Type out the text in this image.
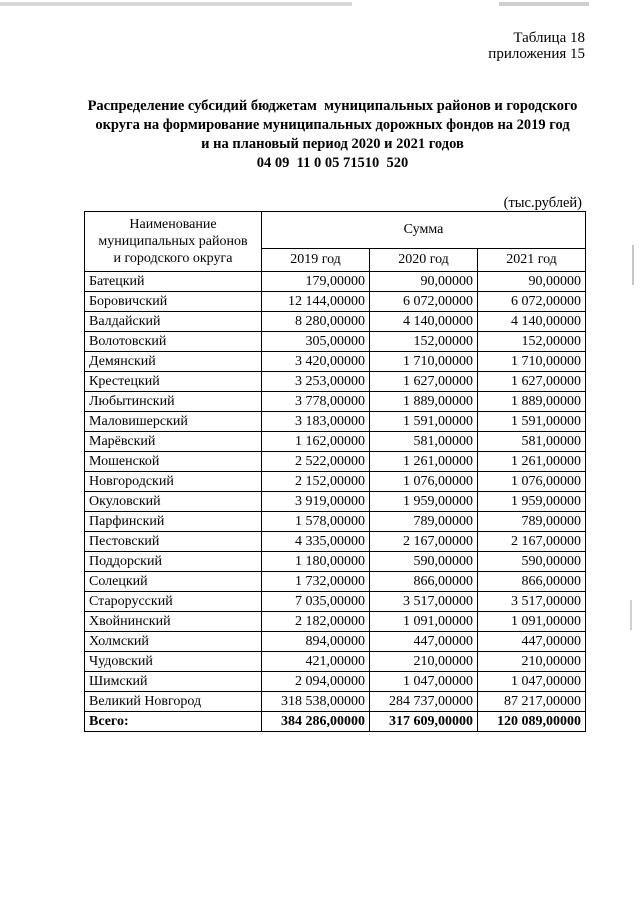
Таблица 18
приложения 15
Распределение субсидий бюджетам  муниципальных районов и городского
округа на формирование муниципальных дорожных фондов на 2019 год
и на плановый период 2020 и 2021 годов
04 09  11 0 05 71510  520
(тыс.рублей)
Наименование
муниципальных районов
и городского округа	Сумма		
	2019 год	2020 год	2021 год
Батецкий	179,00000	90,00000	90,00000
Боровичский	12 144,00000	6 072,00000	6 072,00000
Валдайский	8 280,00000	4 140,00000	4 140,00000
Волотовский	305,00000	152,00000	152,00000
Демянский	3 420,00000	1 710,00000	1 710,00000
Крестецкий	3 253,00000	1 627,00000	1 627,00000
Любытинский	3 778,00000	1 889,00000	1 889,00000
Маловишерский	3 183,00000	1 591,00000	1 591,00000
Марёвский	1 162,00000	581,00000	581,00000
Мошенской	2 522,00000	1 261,00000	1 261,00000
Новгородский	2 152,00000	1 076,00000	1 076,00000
Окуловский	3 919,00000	1 959,00000	1 959,00000
Парфинский	1 578,00000	789,00000	789,00000
Пестовский	4 335,00000	2 167,00000	2 167,00000
Поддорский	1 180,00000	590,00000	590,00000
Солецкий	1 732,00000	866,00000	866,00000
Старорусский	7 035,00000	3 517,00000	3 517,00000
Хвойнинский	2 182,00000	1 091,00000	1 091,00000
Холмский	894,00000	447,00000	447,00000
Чудовский	421,00000	210,00000	210,00000
Шимский	2 094,00000	1 047,00000	1 047,00000
Великий Новгород	318 538,00000	284 737,00000	87 217,00000
Всего:	384 286,00000	317 609,00000	120 089,00000
